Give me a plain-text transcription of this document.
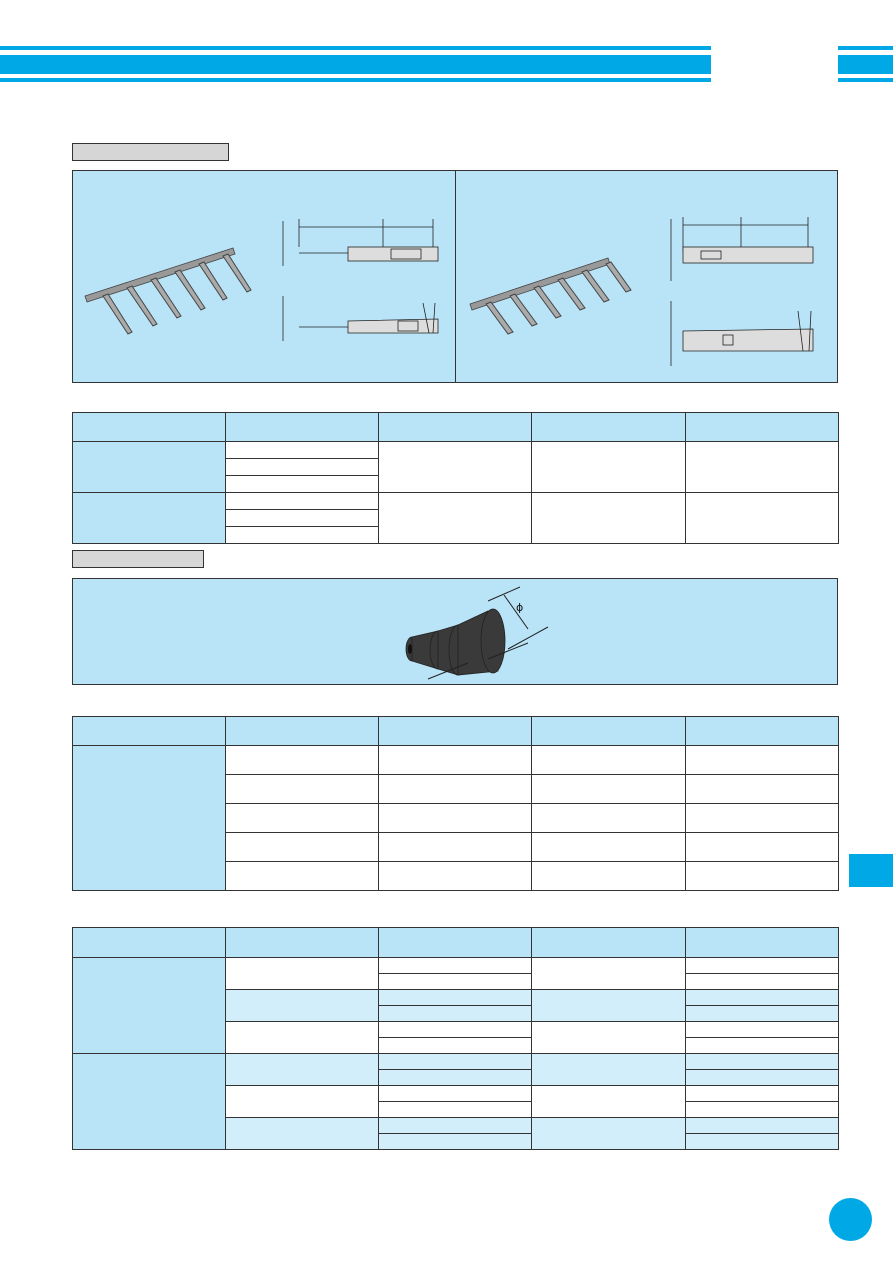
ϕ
